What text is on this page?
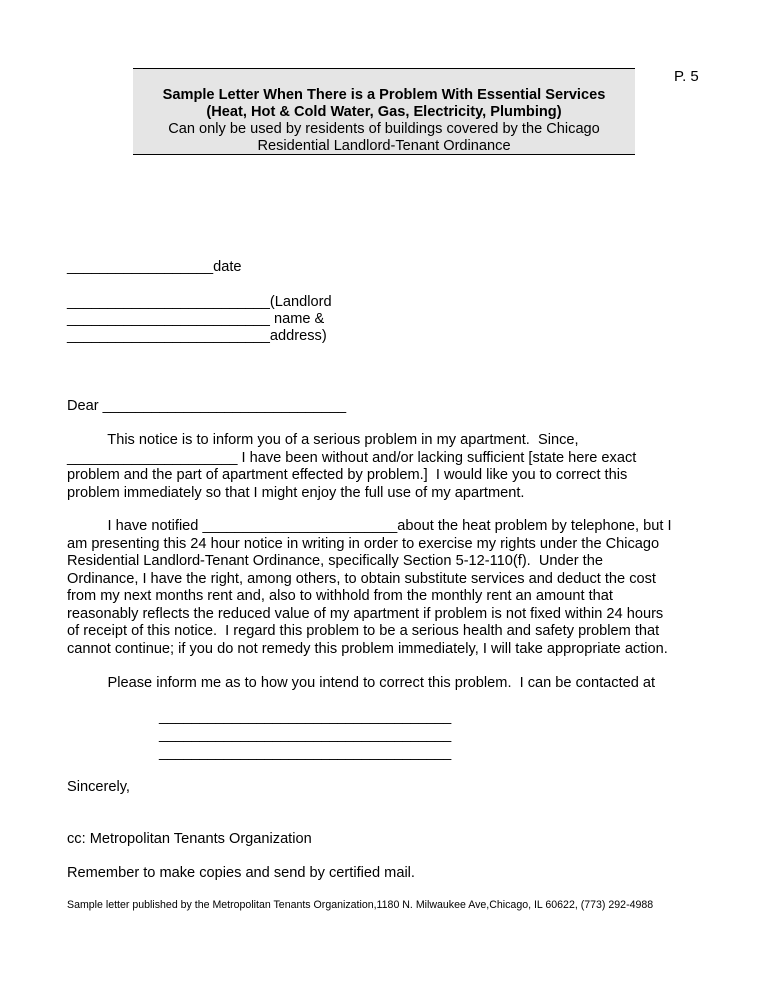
P. 5
Sample Letter When There is a Problem With Essential Services
(Heat, Hot & Cold Water, Gas, Electricity, Plumbing)
Can only be used by residents of buildings covered by the Chicago
Residential Landlord-Tenant Ordinance
__________________date
_________________________(Landlord
_________________________ name &
_________________________address)
Dear ______________________________
This notice is to inform you of a serious problem in my apartment.  Since,
_____________________ I have been without and/or lacking sufficient [state here exact
problem and the part of apartment effected by problem.]  I would like you to correct this
problem immediately so that I might enjoy the full use of my apartment.
I have notified ________________________about the heat problem by telephone, but I
am presenting this 24 hour notice in writing in order to exercise my rights under the Chicago
Residential Landlord-Tenant Ordinance, specifically Section 5-12-110(f).  Under the
Ordinance, I have the right, among others, to obtain substitute services and deduct the cost
from my next months rent and, also to withhold from the monthly rent an amount that
reasonably reflects the reduced value of my apartment if problem is not fixed within 24 hours
of receipt of this notice.  I regard this problem to be a serious health and safety problem that
cannot continue; if you do not remedy this problem immediately, I will take appropriate action.
Please inform me as to how you intend to correct this problem.  I can be contacted at
____________________________________
____________________________________
____________________________________
Sincerely,
cc: Metropolitan Tenants Organization
Remember to make copies and send by certified mail.
Sample letter published by the Metropolitan Tenants Organization,1180 N. Milwaukee Ave,Chicago, IL 60622, (773) 292-4988
